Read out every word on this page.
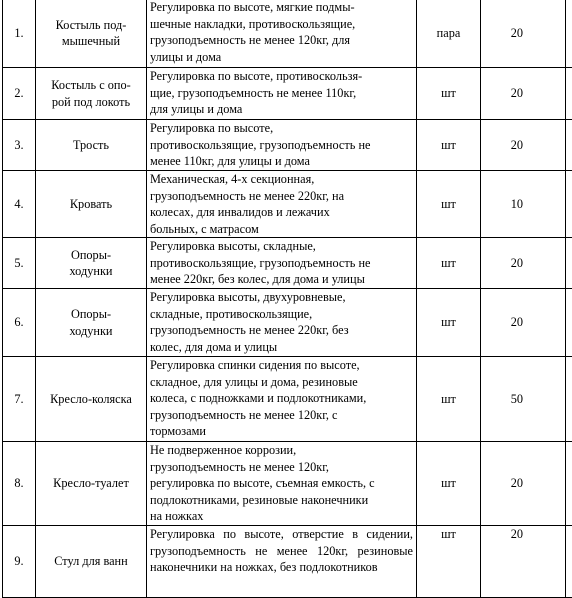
1.	Костыль под-
мышечный	Регулировка по высоте, мягкие подмы-
шечные накладки, противоскользящие,
грузоподъемность не менее 120кг, для
улицы и дома	пара	20	
2.	Костыль с опо-
рой под локоть	Регулировка по высоте, противоскользя-
щие, грузоподъемность не менее 110кг,
для улицы и дома	шт	20	
3.	Трость	Регулировка по высоте,
противоскользящие, грузоподъемность не
менее 110кг, для улицы и дома	шт	20	
4.	Кровать	Механическая, 4-х секционная,
грузоподъемность не менее 220кг, на
колесах, для инвалидов и лежачих
больных, с матрасом	шт	10	
5.	Опоры-
ходунки	Регулировка высоты, складные,
противоскользящие, грузоподъемность не
менее 220кг, без колес, для дома и улицы	шт	20	
6.	Опоры-
ходунки	Регулировка высоты, двухуровневые,
складные, противоскользящие,
грузоподъемность не менее 220кг, без
колес, для дома и улицы	шт	20	
7.	Кресло-коляска	Регулировка спинки сидения по высоте,
складное, для улицы и дома, резиновые
колеса, с подножками и подлокотниками,
грузоподъемность не менее 120кг, с
тормозами	шт	50	
8.	Кресло-туалет	Не подверженное коррозии,
грузоподъемность не менее 120кг,
регулировка по высоте, съемная емкость, с
подлокотниками, резиновые наконечники
на ножках	шт	20	
9.	Стул для ванн	Регулировка по высоте, отверстие в сидении, грузоподъемность не менее 120кг, резиновые наконечники на ножках, без подлокотников	шт	20	
